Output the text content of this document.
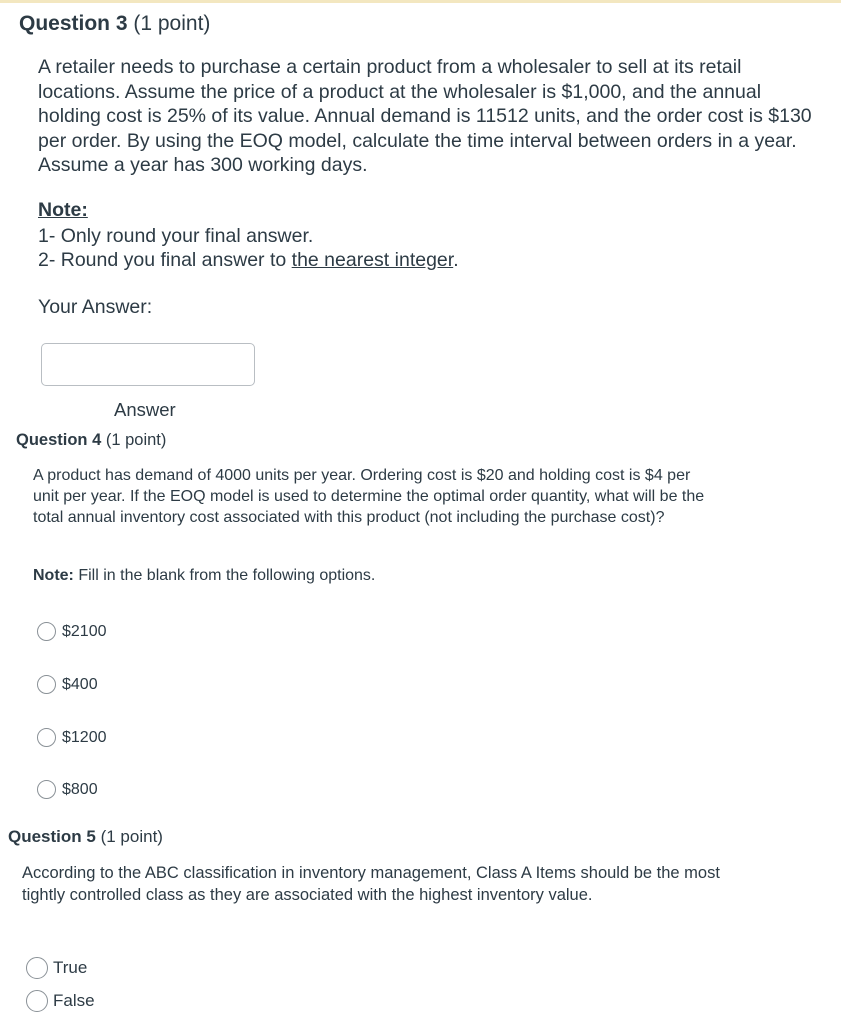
Question 3 (1 point)
A retailer needs to purchase a certain product from a wholesaler to sell at its retail locations. Assume the price of a product at the wholesaler is $1,000, and the annual holding cost is 25% of its value. Annual demand is 11512 units, and the order cost is $130 per order. By using the EOQ model, calculate the time interval between orders in a year. Assume a year has 300 working days.
Note:
1- Only round your final answer.
2- Round you final answer to the nearest integer.
Your Answer:
Answer
Question 4 (1 point)
A product has demand of 4000 units per year. Ordering cost is $20 and holding cost is $4 per unit per year. If the EOQ model is used to determine the optimal order quantity, what will be the total annual inventory cost associated with this product (not including the purchase cost)?
Note: Fill in the blank from the following options.
$2100
$400
$1200
$800
Question 5 (1 point)
According to the ABC classification in inventory management, Class A Items should be the most tightly controlled class as they are associated with the highest inventory value.
True
False
